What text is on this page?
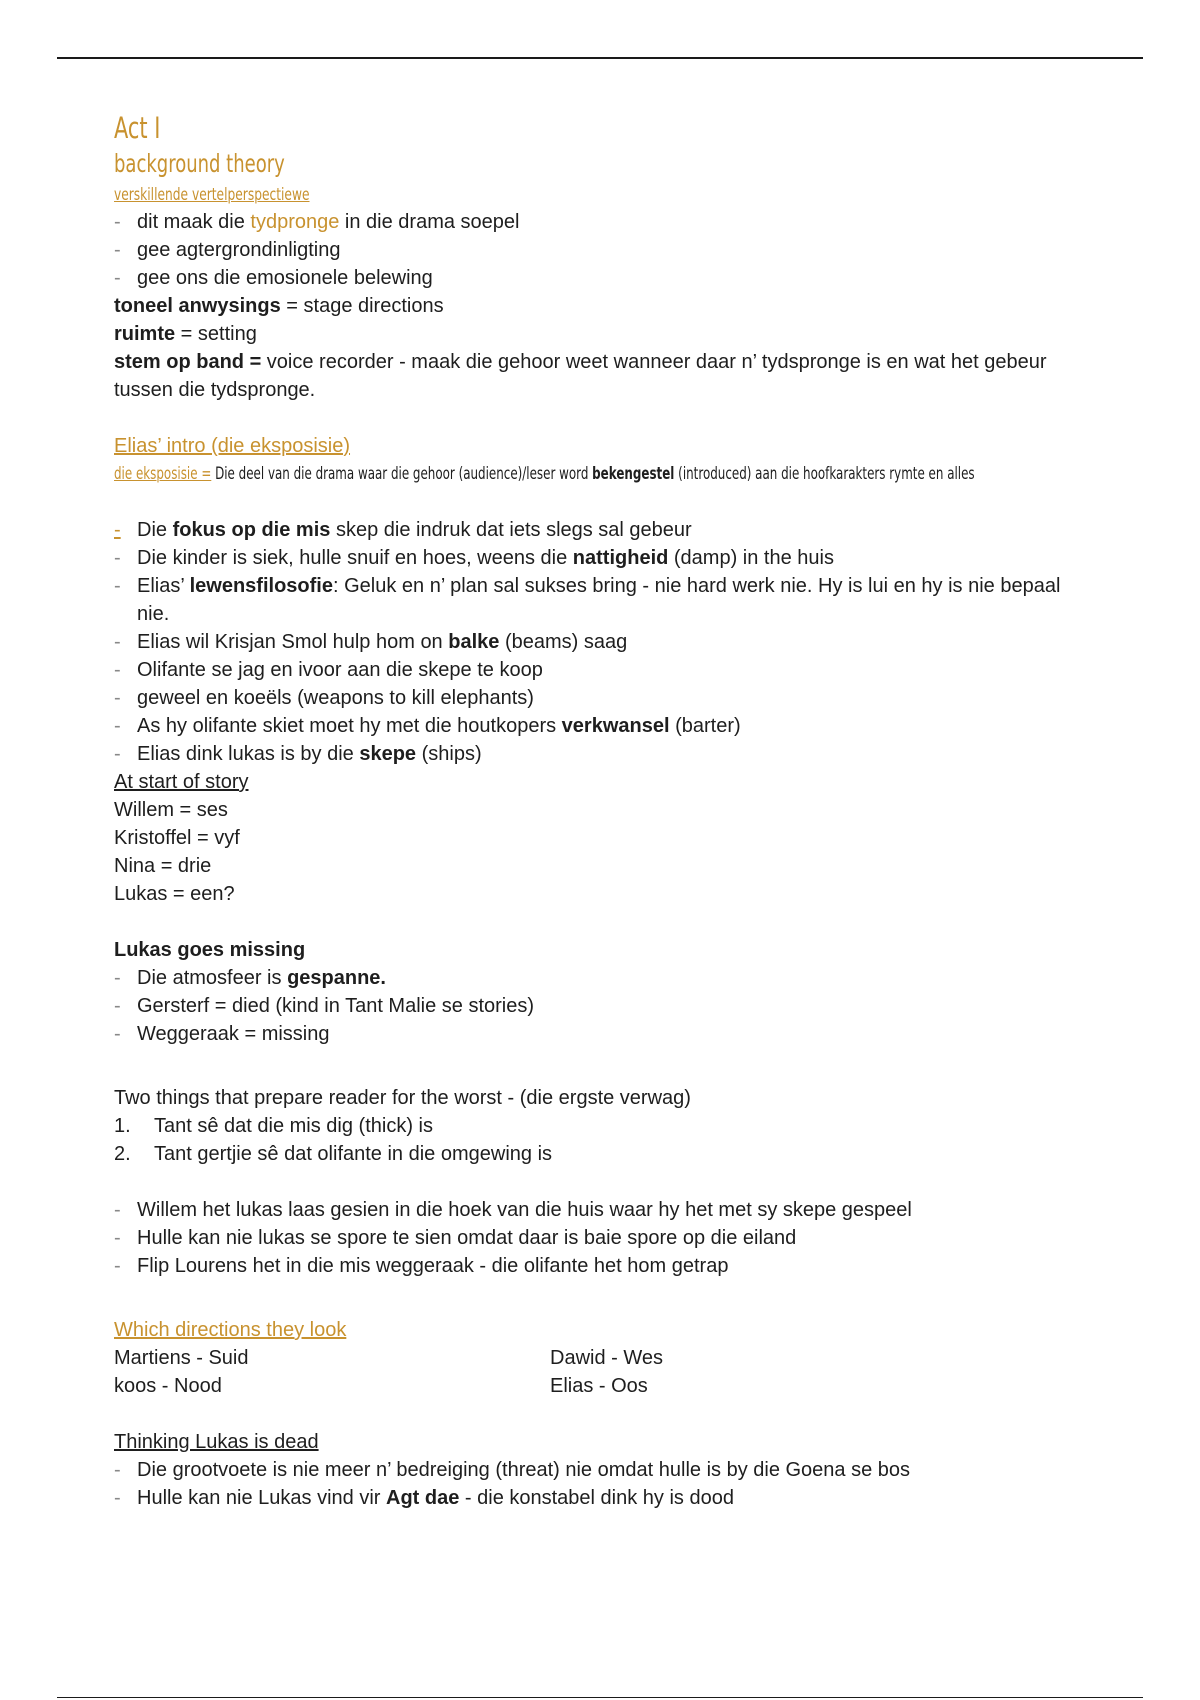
Act I
background theory
verskillende vertelperspectiewe
- dit maak die tydpronge in die drama soepel
- gee agtergrondinligting
- gee ons die emosionele belewing
toneel anwysings = stage directions
ruimte = setting
stem op band = voice recorder - maak die gehoor weet wanneer daar n’ tydspronge is en wat het gebeur tussen die tydspronge.
Elias’ intro (die eksposisie)
die eksposisie = Die deel van die drama waar die gehoor (audience)/leser word bekengestel (introduced) aan die hoofkarakters rymte en alles
- Die fokus op die mis skep die indruk dat iets slegs sal gebeur
- Die kinder is siek, hulle snuif en hoes, weens die nattigheid (damp) in the huis
- Elias’ lewensfilosofie: Geluk en n’ plan sal sukses bring - nie hard werk nie. Hy is lui en hy is nie bepaal nie.
- Elias wil Krisjan Smol hulp hom on balke (beams) saag
- Olifante se jag en ivoor aan die skepe te koop
- geweel en koeëls (weapons to kill elephants)
- As hy olifante skiet moet hy met die houtkopers verkwansel (barter)
- Elias dink lukas is by die skepe (ships)
At start of story
Willem = ses
Kristoffel = vyf
Nina = drie
Lukas = een?
Lukas goes missing
- Die atmosfeer is gespanne.
- Gersterf = died (kind in Tant Malie se stories)
- Weggeraak = missing
Two things that prepare reader for the worst - (die ergste verwag)
1. Tant sê dat die mis dig (thick) is
2. Tant gertjie sê dat olifante in die omgewing is
- Willem het lukas laas gesien in die hoek van die huis waar hy het met sy skepe gespeel
- Hulle kan nie lukas se spore te sien omdat daar is baie spore op die eiland
- Flip Lourens het in die mis weggeraak - die olifante het hom getrap
Which directions they look
Martiens - Suid	Dawid - Wes
koos - Nood	Elias - Oos
Thinking Lukas is dead
- Die grootvoete is nie meer n’ bedreiging (threat) nie omdat hulle is by die Goena se bos
- Hulle kan nie Lukas vind vir Agt dae - die konstabel dink hy is dood
